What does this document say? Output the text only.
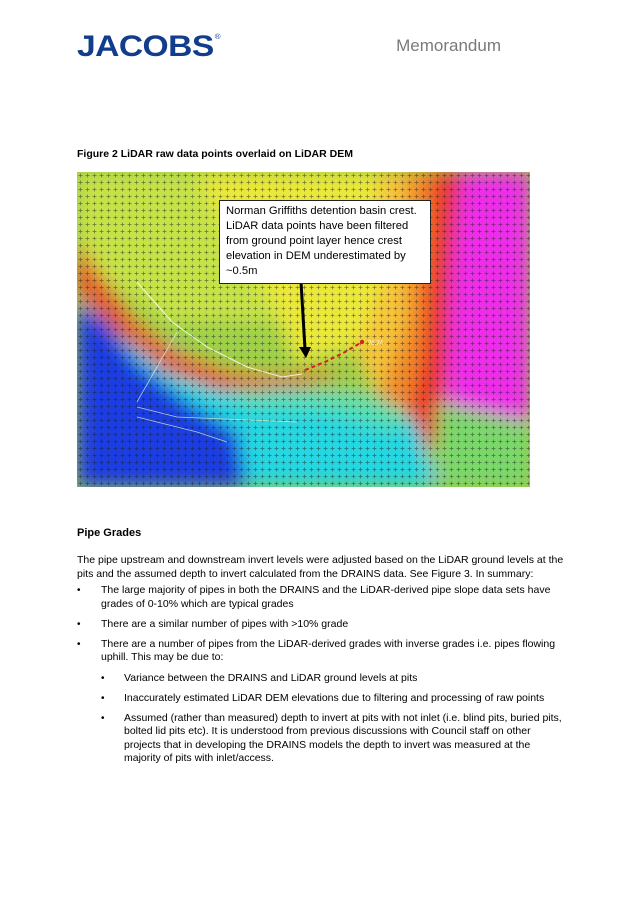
JACOBS®	Memorandum
Figure 2 LiDAR raw data points overlaid on LiDAR DEM
70.74
Norman Griffiths detention basin crest. LiDAR data points have been filtered from ground point layer hence crest elevation in DEM underestimated by ~0.5m
Pipe Grades
The pipe upstream and downstream invert levels were adjusted based on the LiDAR ground levels at the pits and the assumed depth to invert calculated from the DRAINS data. See Figure 3. In summary:
• The large majority of pipes in both the DRAINS and the LiDAR-derived pipe slope data sets have grades of 0-10% which are typical grades
• There are a similar number of pipes with >10% grade
• There are a number of pipes from the LiDAR-derived grades with inverse grades i.e. pipes flowing uphill. This may be due to:
• Variance between the DRAINS and LiDAR ground levels at pits
• Inaccurately estimated LiDAR DEM elevations due to filtering and processing of raw points
• Assumed (rather than measured) depth to invert at pits with not inlet (i.e. blind pits, buried pits, bolted lid pits etc). It is understood from previous discussions with Council staff on other projects that in developing the DRAINS models the depth to invert was measured at the majority of pits with inlet/access.
